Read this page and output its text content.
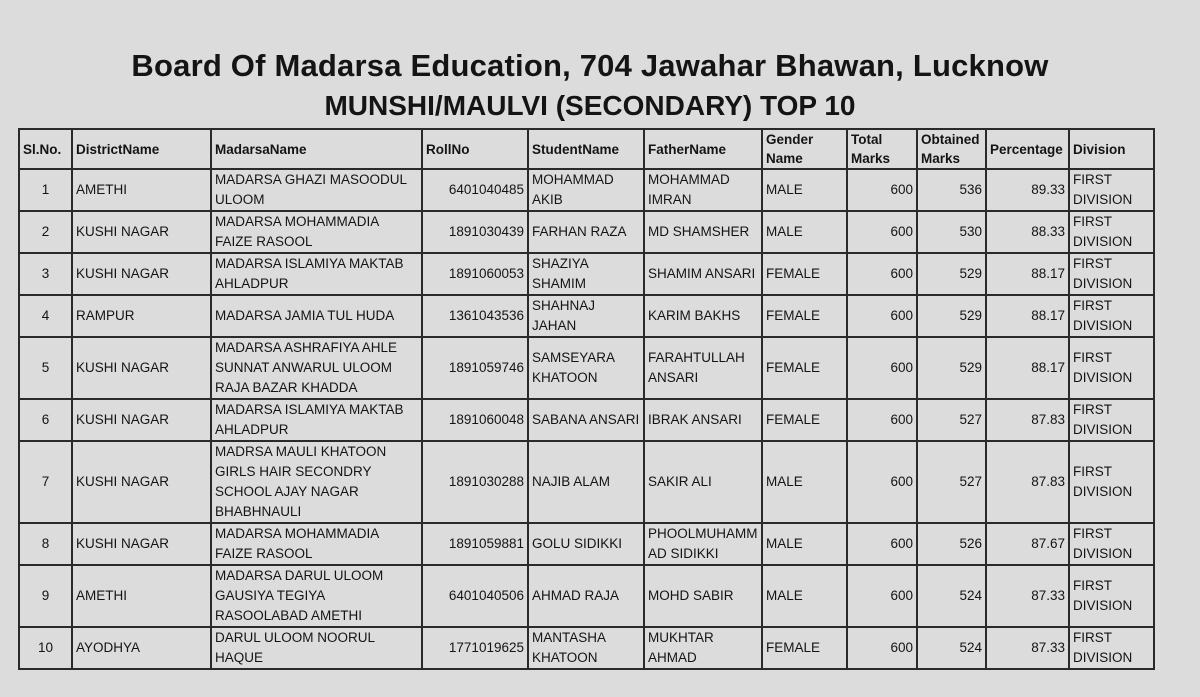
Board Of Madarsa Education, 704 Jawahar Bhawan, Lucknow
MUNSHI/MAULVI (SECONDARY) TOP 10
Sl.No.	DistrictName	MadarsaName	RollNo	StudentName	FatherName	Gender Name	Total Marks	Obtained Marks	Percentage	Division
1	AMETHI	MADARSA GHAZI MASOODUL ULOOM	6401040485	MOHAMMAD AKIB	MOHAMMAD IMRAN	MALE	600	536	89.33	FIRST DIVISION
2	KUSHI NAGAR	MADARSA MOHAMMADIA FAIZE RASOOL	1891030439	FARHAN RAZA	MD SHAMSHER	MALE	600	530	88.33	FIRST DIVISION
3	KUSHI NAGAR	MADARSA ISLAMIYA MAKTAB AHLADPUR	1891060053	SHAZIYA SHAMIM	SHAMIM ANSARI	FEMALE	600	529	88.17	FIRST DIVISION
4	RAMPUR	MADARSA JAMIA TUL HUDA	1361043536	SHAHNAJ JAHAN	KARIM BAKHS	FEMALE	600	529	88.17	FIRST DIVISION
5	KUSHI NAGAR	MADARSA ASHRAFIYA AHLE SUNNAT ANWARUL ULOOM RAJA BAZAR KHADDA	1891059746	SAMSEYARA KHATOON	FARAHTULLAH ANSARI	FEMALE	600	529	88.17	FIRST DIVISION
6	KUSHI NAGAR	MADARSA ISLAMIYA MAKTAB AHLADPUR	1891060048	SABANA ANSARI	IBRAK ANSARI	FEMALE	600	527	87.83	FIRST DIVISION
7	KUSHI NAGAR	MADRSA MAULI KHATOON GIRLS HAIR SECONDRY SCHOOL AJAY NAGAR BHABHNAULI	1891030288	NAJIB ALAM	SAKIR ALI	MALE	600	527	87.83	FIRST DIVISION
8	KUSHI NAGAR	MADARSA MOHAMMADIA FAIZE RASOOL	1891059881	GOLU SIDIKKI	PHOOLMUHAMMAD SIDIKKI	MALE	600	526	87.67	FIRST DIVISION
9	AMETHI	MADARSA DARUL ULOOM GAUSIYA TEGIYA RASOOLABAD AMETHI	6401040506	AHMAD RAJA	MOHD SABIR	MALE	600	524	87.33	FIRST DIVISION
10	AYODHYA	DARUL ULOOM NOORUL HAQUE	1771019625	MANTASHA KHATOON	MUKHTAR AHMAD	FEMALE	600	524	87.33	FIRST DIVISION
